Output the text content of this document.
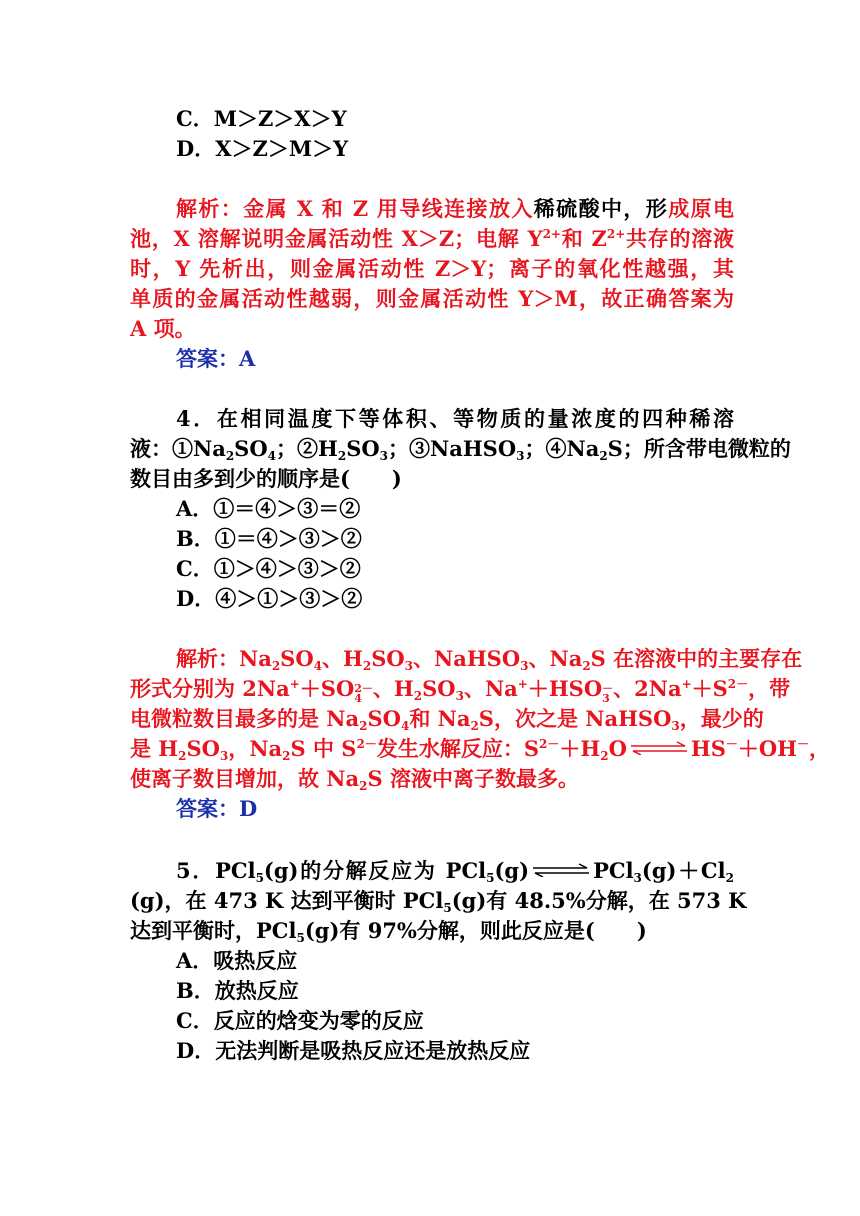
C．M＞Z＞X＞Y
D．X＞Z＞M＞Y
解析：金属 X 和 Z 用导线连接放入稀硫酸中，形成原电
池，X 溶解说明金属活动性 X＞Z；电解 $Y^{2+}$和 $Z^{2+}$共存的溶液
时，Y 先析出，则金属活动性 Z＞Y；离子的氧化性越强，其
单质的金属活动性越弱，则金属活动性 Y＞M，故正确答案为
A 项。
答案：A
4．在相同温度下等体积、等物质的量浓度的四种稀溶
液：$①Na_2SO_4$；$②H_2SO_3$；③NaHSO$_3$；$④Na_2S$；所含带电微粒的
数目由多到少的顺序是(　　)
A．①＝④＞③＝②
B．①＝④＞③＞②
C．①＞④＞③＞②
D．④＞①＞③＞②
解析：$Na_2SO_4$、$H_2SO_3$、NaHSO$_3$、$Na_2S$ 在溶液中的主要存在
形式分别为 2Na+＋SO 2－
4 、$H_2SO_3$、Na+＋HSO －
3 、$2Na^++S^{2-}$，带
电微粒数目最多的是 $Na_2SO_4$和 $Na_2S$，次之是 NaHSO$_3$，最少的
是 $H_2SO_3$，$Na_2S$ 中 $S^{2-}$发生水解反应：$S^{2-}+H_2O$ ⇌ HS－＋OH－，
使离子数目增加，故 $Na_2S$ 溶液中离子数最多。
答案：D
5．PCl$_5$(g)的分解反应为 PCl$_5$(g) ⇌ $PCl_3(g)+Cl_2$
(g)，在 473 K 达到平衡时 PCl$_5$(g)有 48.5%分解，在 573 K
达到平衡时，PCl$_5$(g)有 97%分解，则此反应是(　　)
A．吸热反应
B．放热反应
C．反应的焓变为零的反应
D．无法判断是吸热反应还是放热反应
